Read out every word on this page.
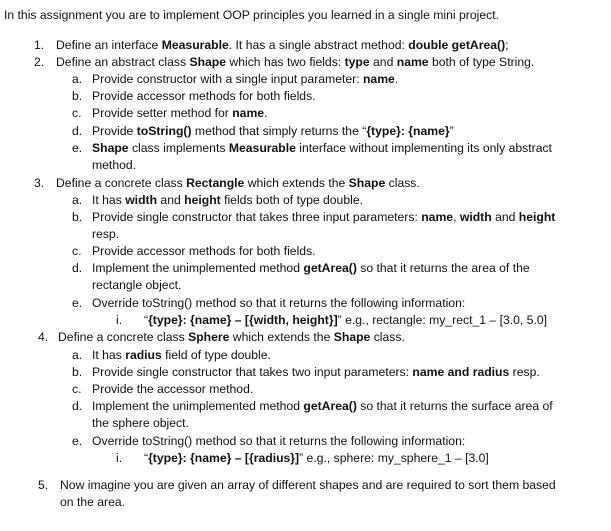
In this assignment you are to implement OOP principles you learned in a single mini project.
1. Define an interface Measurable. It has a single abstract method: double getArea();
2. Define an abstract class Shape which has two fields: type and name both of type String.
a. Provide constructor with a single input parameter: name.
b. Provide accessor methods for both fields.
c. Provide setter method for name.
d. Provide toString() method that simply returns the “{type}: {name}”
e. Shape class implements Measurable interface without implementing its only abstract
method.
3. Define a concrete class Rectangle which extends the Shape class.
a. It has width and height fields both of type double.
b. Provide single constructor that takes three input parameters: name, width and height
resp.
c. Provide accessor methods for both fields.
d. Implement the unimplemented method getArea() so that it returns the area of the
rectangle object.
e. Override toString() method so that it returns the following information:
i. “{type}: {name} – [{width, height}]” e.g., rectangle: my_rect_1 – [3.0, 5.0]
4. Define a concrete class Sphere which extends the Shape class.
a. It has radius field of type double.
b. Provide single constructor that takes two input parameters: name and radius resp.
c. Provide the accessor method.
d. Implement the unimplemented method getArea() so that it returns the surface area of
the sphere object.
e. Override toString() method so that it returns the following information:
i. “{type}: {name} – [{radius}]” e.g., sphere: my_sphere_1 – [3.0]
5. Now imagine you are given an array of different shapes and are required to sort them based
on the area.
